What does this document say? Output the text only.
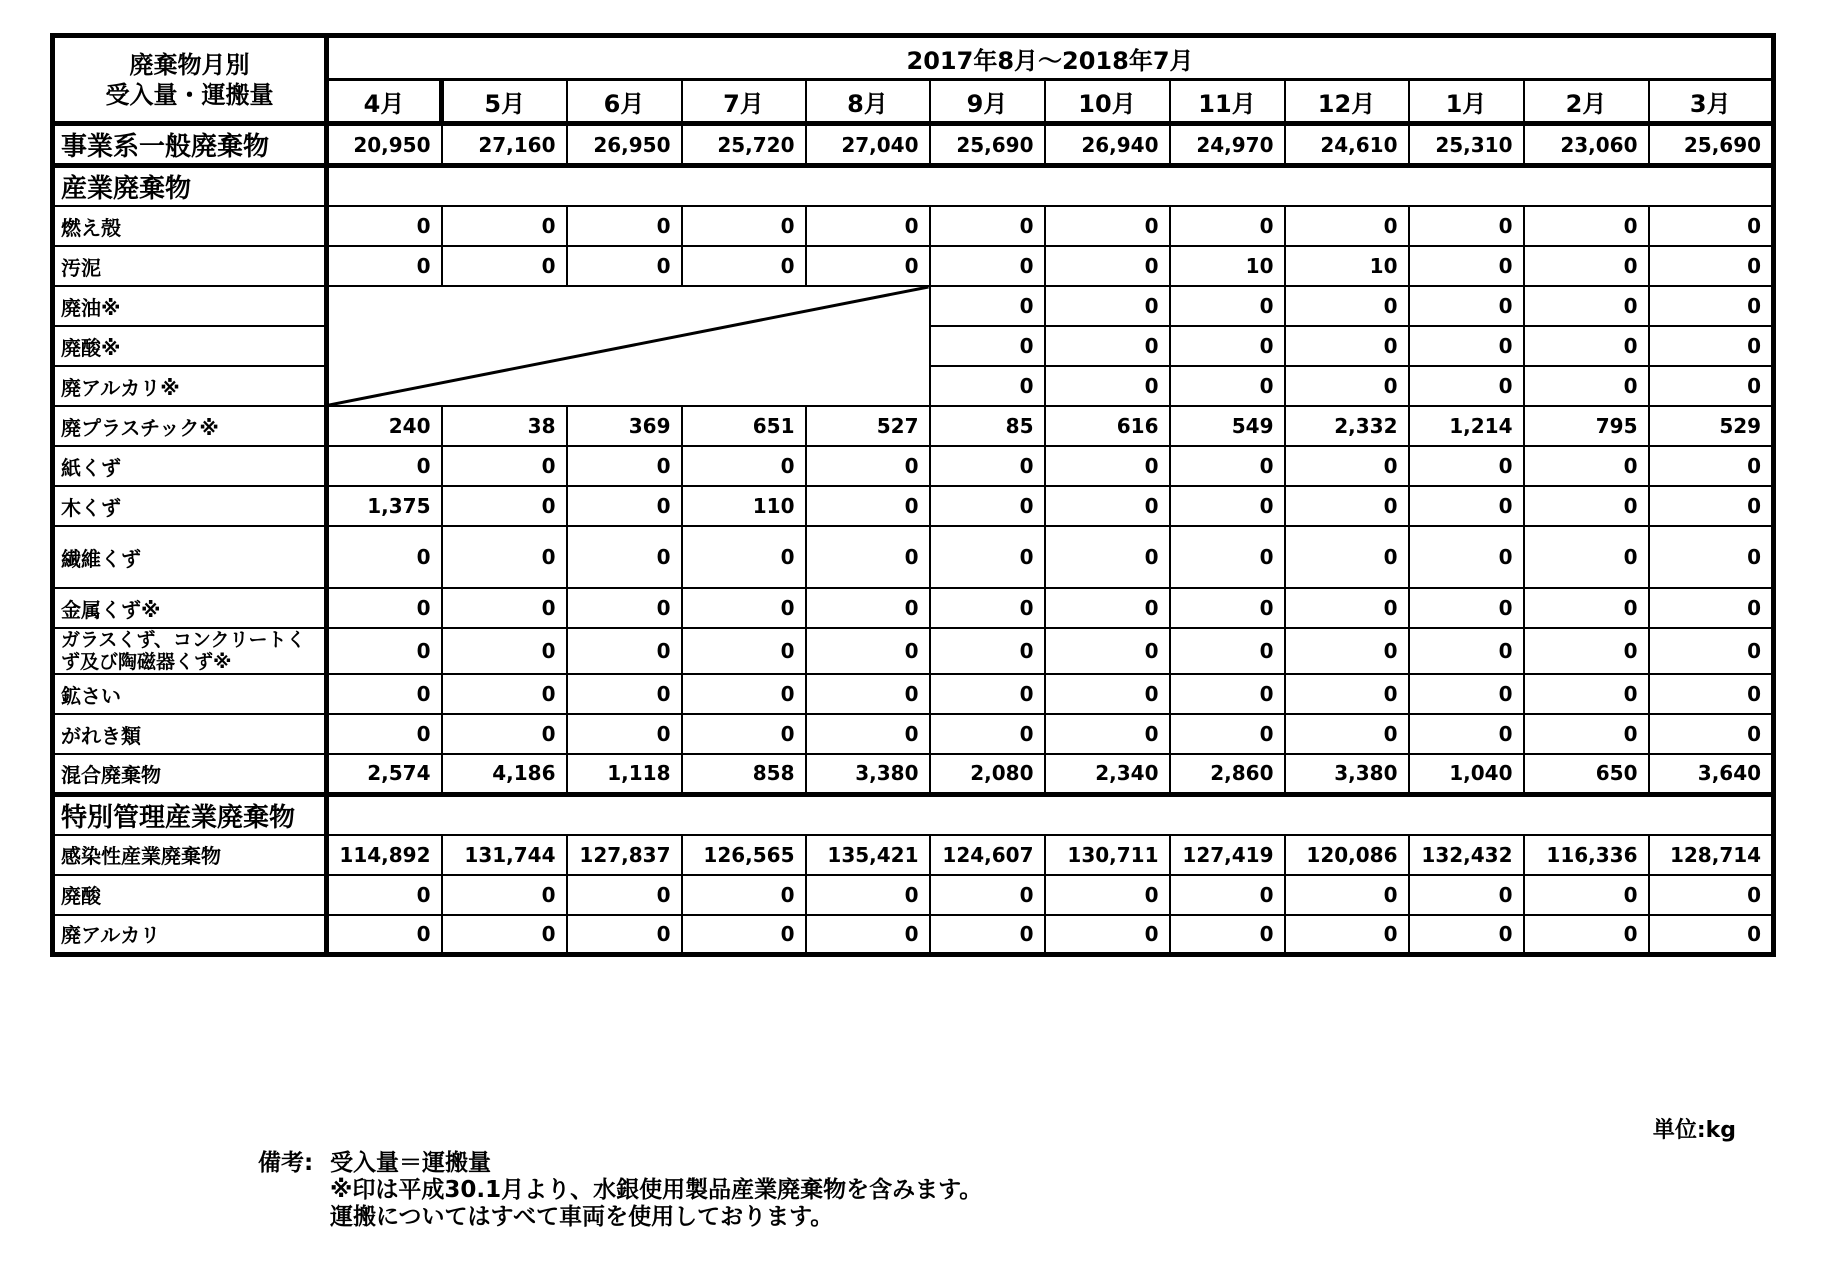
廃棄物月別
受入量・運搬量	2017年8月～2018年7月											
	4月	5月	6月	7月	8月	9月	10月	11月	12月	1月	2月	3月
事業系一般廃棄物	20,950	27,160	26,950	25,720	27,040	25,690	26,940	24,970	24,610	25,310	23,060	25,690
産業廃棄物												
燃え殻	0	0	0	0	0	0	0	0	0	0	0	0
汚泥	0	0	0	0	0	0	0	10	10	0	0	0
廃油※						0	0	0	0	0	0	0
廃酸※						0	0	0	0	0	0	0
廃アルカリ※						0	0	0	0	0	0	0
廃プラスチック※	240	38	369	651	527	85	616	549	2,332	1,214	795	529
紙くず	0	0	0	0	0	0	0	0	0	0	0	0
木くず	1,375	0	0	110	0	0	0	0	0	0	0	0
繊維くず	0	0	0	0	0	0	0	0	0	0	0	0
金属くず※	0	0	0	0	0	0	0	0	0	0	0	0
ガラスくず、コンクリートくず及び陶磁器くず※	0	0	0	0	0	0	0	0	0	0	0	0
鉱さい	0	0	0	0	0	0	0	0	0	0	0	0
がれき類	0	0	0	0	0	0	0	0	0	0	0	0
混合廃棄物	2,574	4,186	1,118	858	3,380	2,080	2,340	2,860	3,380	1,040	650	3,640
特別管理産業廃棄物												
感染性産業廃棄物	114,892	131,744	127,837	126,565	135,421	124,607	130,711	127,419	120,086	132,432	116,336	128,714
廃酸	0	0	0	0	0	0	0	0	0	0	0	0
廃アルカリ	0	0	0	0	0	0	0	0	0	0	0	0
単位:kg
備考: 受入量＝運搬量
※印は平成30.1月より、水銀使用製品産業廃棄物を含みます。
運搬についてはすべて車両を使用しております。
